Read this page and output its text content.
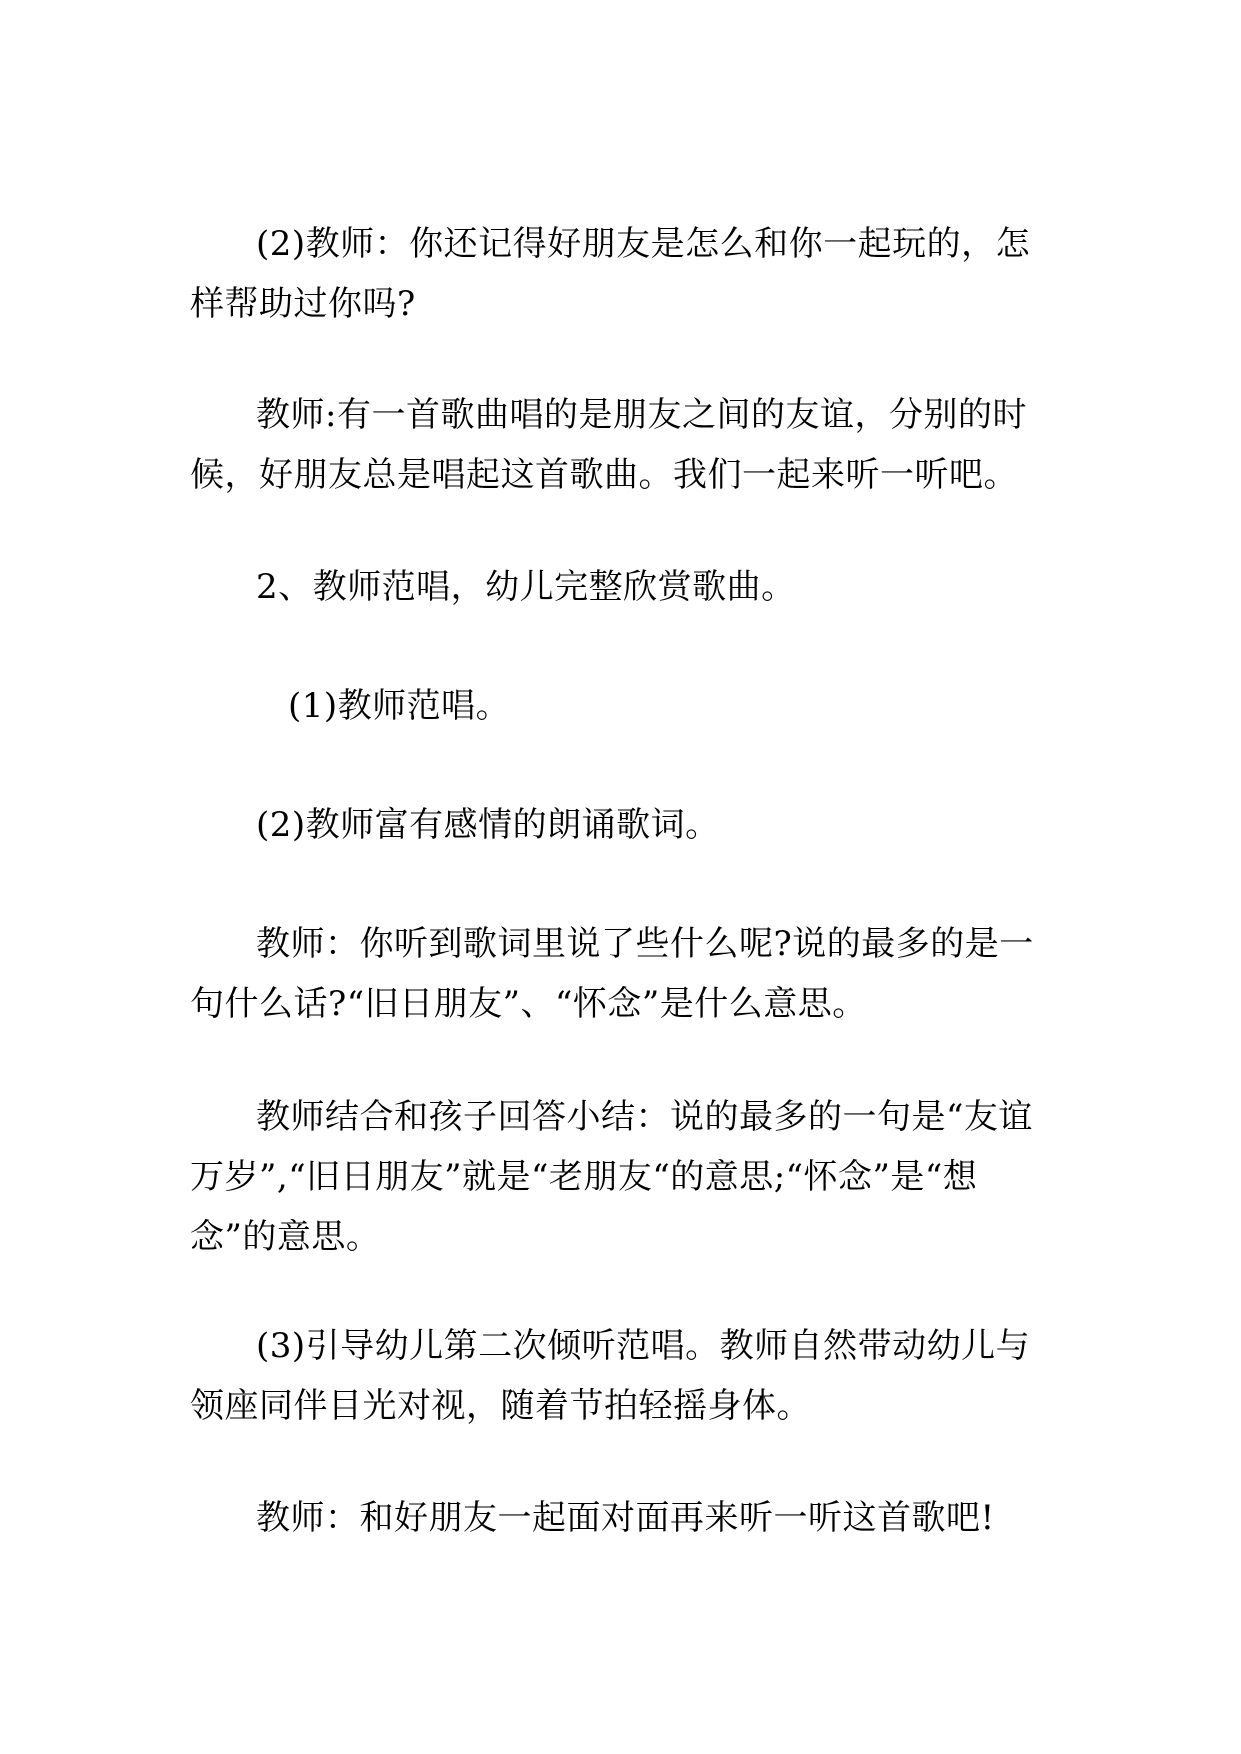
(2)教师：你还记得好朋友是怎么和你一起玩的，怎样帮助过你吗?

教师:有一首歌曲唱的是朋友之间的友谊，分别的时候，好朋友总是唱起这首歌曲。我们一起来听一听吧。

2、教师范唱，幼儿完整欣赏歌曲。

(1)教师范唱。

(2)教师富有感情的朗诵歌词。

教师：你听到歌词里说了些什么呢?说的最多的是一句什么话?“旧日朋友”、“怀念”是什么意思。

教师结合和孩子回答小结：说的最多的一句是“友谊万岁”,“旧日朋友”就是“老朋友“的意思;“怀念”是“想念”的意思。

(3)引导幼儿第二次倾听范唱。教师自然带动幼儿与领座同伴目光对视，随着节拍轻摇身体。

教师：和好朋友一起面对面再来听一听这首歌吧!
